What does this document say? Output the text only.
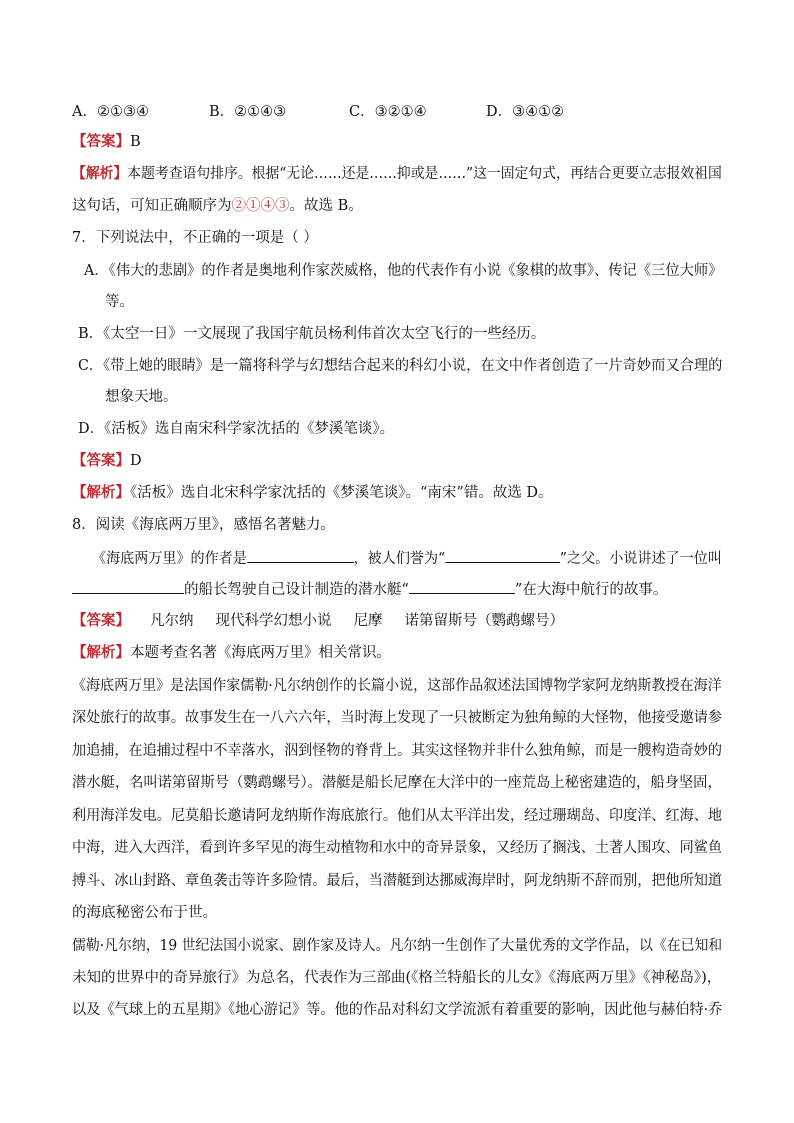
A．②①③④	B．②①④③	C．③②①④	D．③④①②
【答案】B
【解析】本题考查语句排序。根据“无论……还是……抑或是……”这一固定句式，再结合更要立志报效祖国
这句话，可知正确顺序为②①④③。故选 B。
7．下列说法中，不正确的一项是（ ）
A．《伟大的悲剧》的作者是奥地利作家茨威格，他的代表作有小说《象棋的故事》、传记《三位大师》
等。
B．《太空一日》一文展现了我国宇航员杨利伟首次太空飞行的一些经历。
C．《带上她的眼睛》是一篇将科学与幻想结合起来的科幻小说，在文中作者创造了一片奇妙而又合理的
想象天地。
D．《活板》选自南宋科学家沈括的《梦溪笔谈》。
【答案】D
【解析】《活板》选自北宋科学家沈括的《梦溪笔谈》。“南宋”错。故选 D。
8．阅读《海底两万里》，感悟名著魅力。
《海底两万里》的作者是	，被人们誉为“	”之父。小说讲述了一位叫
的船长驾驶自己设计制造的潜水艇“	”在大海中航行的故事。
【答案】 凡尔纳 现代科学幻想小说 尼摩 诺第留斯号（鹦鹉螺号）
【解析】本题考查名著《海底两万里》相关常识。
《海底两万里》是法国作家儒勒·凡尔纳创作的长篇小说，这部作品叙述法国博物学家阿龙纳斯教授在海洋
深处旅行的故事。故事发生在一八六六年，当时海上发现了一只被断定为独角鲸的大怪物，他接受邀请参
加追捕，在追捕过程中不幸落水，泅到怪物的脊背上。其实这怪物并非什么独角鲸，而是一艘构造奇妙的
潜水艇，名叫诺第留斯号（鹦鹉螺号）。潜艇是船长尼摩在大洋中的一座荒岛上秘密建造的，船身坚固，
利用海洋发电。尼莫船长邀请阿龙纳斯作海底旅行。他们从太平洋出发，经过珊瑚岛、印度洋、红海、地
中海，进入大西洋，看到许多罕见的海生动植物和水中的奇异景象，又经历了搁浅、土著人围攻、同鲨鱼
搏斗、冰山封路、章鱼袭击等许多险情。最后，当潜艇到达挪威海岸时，阿龙纳斯不辞而别，把他所知道
的海底秘密公布于世。
儒勒·凡尔纳，19 世纪法国小说家、剧作家及诗人。凡尔纳一生创作了大量优秀的文学作品，以《在已知和
未知的世界中的奇异旅行》为总名，代表作为三部曲(《格兰特船长的儿女》《海底两万里》《神秘岛》)，
以及《气球上的五星期》《地心游记》等。他的作品对科幻文学流派有着重要的影响，因此他与赫伯特·乔
